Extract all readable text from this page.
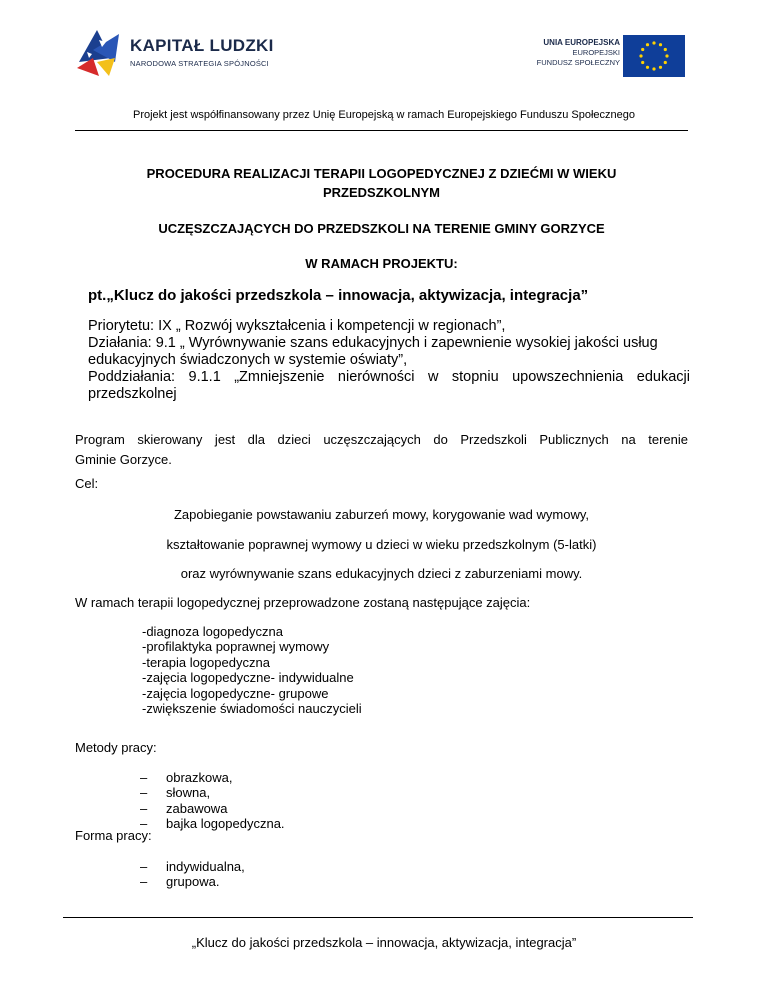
KAPITAŁ LUDZKI
NARODOWA STRATEGIA SPÓJNOŚCI
UNIA EUROPEJSKA
EUROPEJSKI
FUNDUSZ SPOŁECZNY
Projekt jest współfinansowany przez Unię Europejską w ramach Europejskiego Funduszu Społecznego
PROCEDURA REALIZACJI TERAPII LOGOPEDYCZNEJ Z DZIEĆMI W WIEKU
PRZEDSZKOLNYM
UCZĘSZCZAJĄCYCH DO PRZEDSZKOLI NA TERENIE GMINY GORZYCE
W RAMACH PROJEKTU:
pt.„Klucz do jakości przedszkola – innowacja, aktywizacja, integracja”
Priorytetu: IX „ Rozwój wykształcenia i kompetencji w regionach”,
Działania: 9.1 „ Wyrównywanie szans edukacyjnych i zapewnienie wysokiej jakości usług
edukacyjnych świadczonych w systemie oświaty”,
Poddziałania: 9.1.1 „Zmniejszenie nierówności w stopniu upowszechnienia edukacji
przedszkolnej
Program skierowany jest dla dzieci uczęszczających do Przedszkoli Publicznych na terenie
Gminie Gorzyce.
Cel:
Zapobieganie powstawaniu zaburzeń mowy, korygowanie wad wymowy,
kształtowanie poprawnej wymowy u dzieci w wieku przedszkolnym (5-latki)
oraz wyrównywanie szans edukacyjnych dzieci z zaburzeniami mowy.
W ramach terapii logopedycznej przeprowadzone zostaną następujące zajęcia:
-diagnoza logopedyczna
-profilaktyka poprawnej wymowy
-terapia logopedyczna
-zajęcia logopedyczne- indywidualne
-zajęcia logopedyczne- grupowe
-zwiększenie świadomości nauczycieli
Metody pracy:
–	obrazkowa,
–	słowna,
–	zabawowa
–	bajka logopedyczna.
Forma pracy:
–	indywidualna,
–	grupowa.
„Klucz do jakości przedszkola – innowacja, aktywizacja, integracja”
